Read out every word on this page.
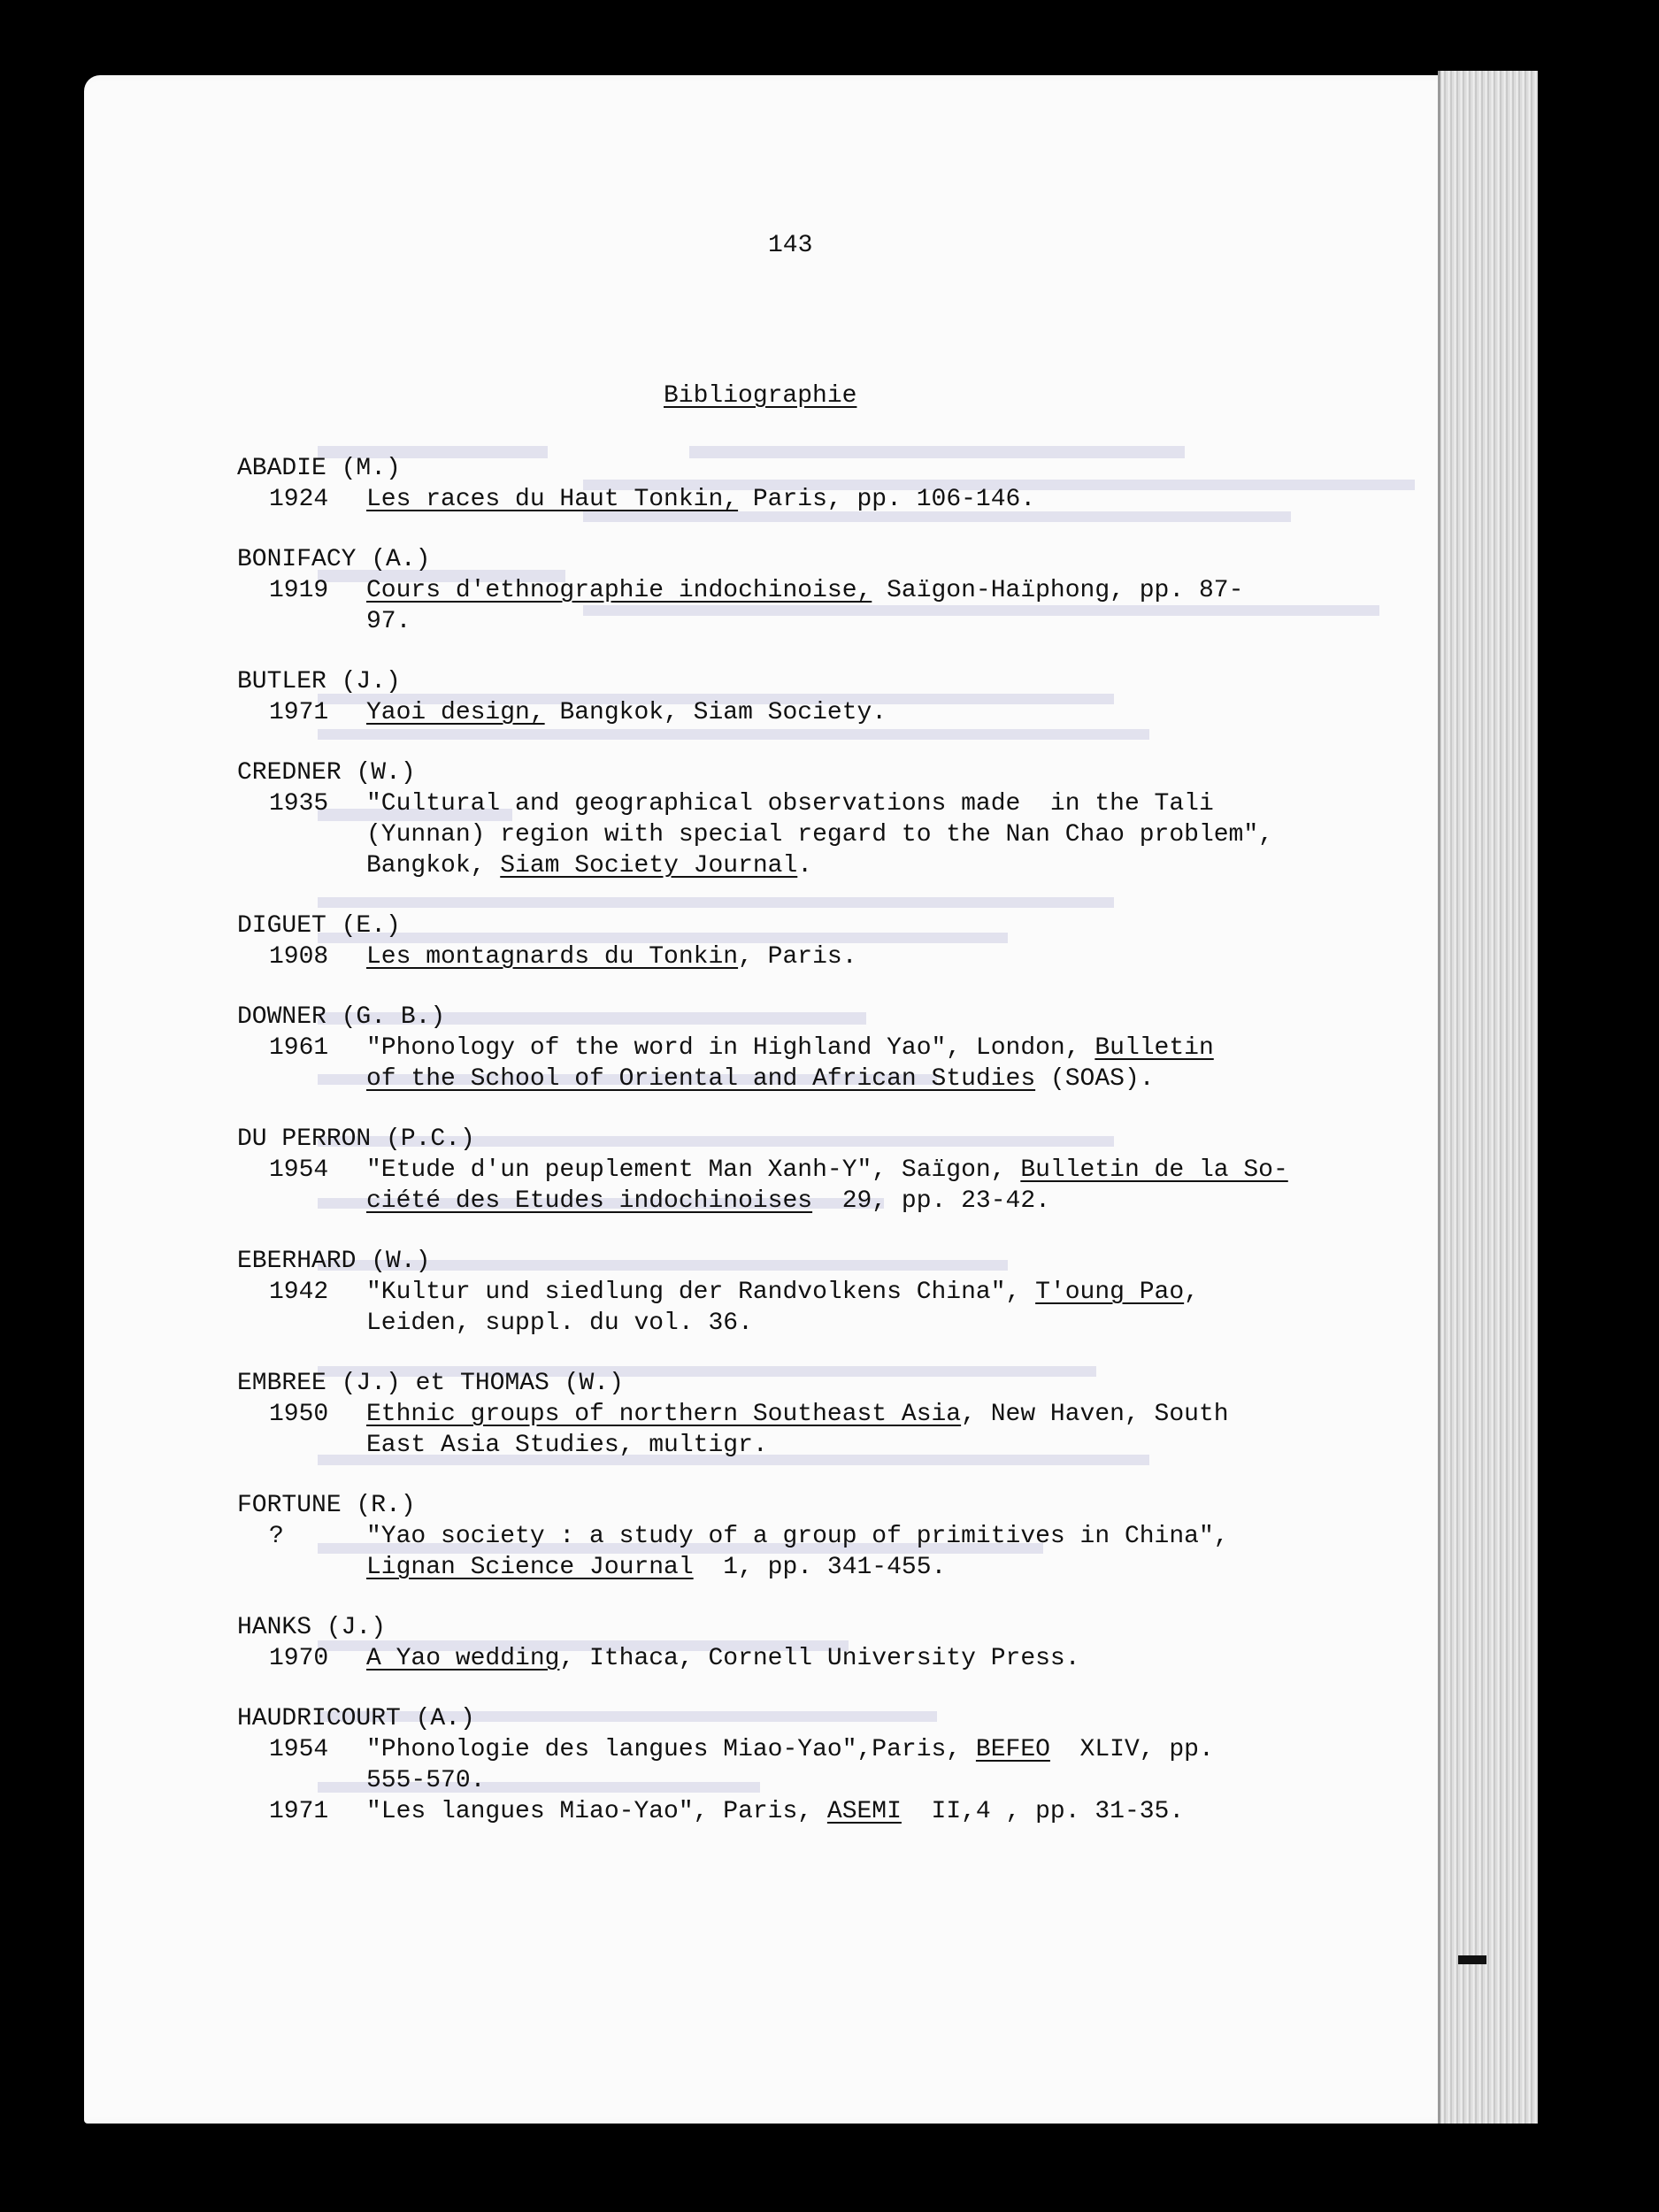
143
Bibliographie
ABADIE (M.)
1924	Les races du Haut Tonkin, Paris, pp. 106-146.
BONIFACY (A.)
1919	Cours d'ethnographie indochinoise, Saïgon-Haïphong, pp. 87-
97.
BUTLER (J.)
1971	Yaoi design, Bangkok, Siam Society.
CREDNER (W.)
1935	"Cultural and geographical observations made  in the Tali
(Yunnan) region with special regard to the Nan Chao problem",
Bangkok, Siam Society Journal.
DIGUET (E.)
1908	Les montagnards du Tonkin, Paris.
DOWNER (G. B.)
1961	"Phonology of the word in Highland Yao", London, Bulletin
of the School of Oriental and African Studies (SOAS).
DU PERRON (P.C.)
1954	"Etude d'un peuplement Man Xanh-Y", Saïgon, Bulletin de la So-
ciété des Etudes indochinoises  29, pp. 23-42.
EBERHARD (W.)
1942	"Kultur und siedlung der Randvolkens China", T'oung Pao,
Leiden, suppl. du vol. 36.
EMBREE (J.) et THOMAS (W.)
1950	Ethnic groups of northern Southeast Asia, New Haven, South
East Asia Studies, multigr.
FORTUNE (R.)
?	"Yao society : a study of a group of primitives in China",
Lignan Science Journal  1, pp. 341-455.
HANKS (J.)
1970	A Yao wedding, Ithaca, Cornell University Press.
HAUDRICOURT (A.)
1954	"Phonologie des langues Miao-Yao",Paris, BEFEO  XLIV, pp.
555-570.
1971	"Les langues Miao-Yao", Paris, ASEMI  II,4 , pp. 31-35.
